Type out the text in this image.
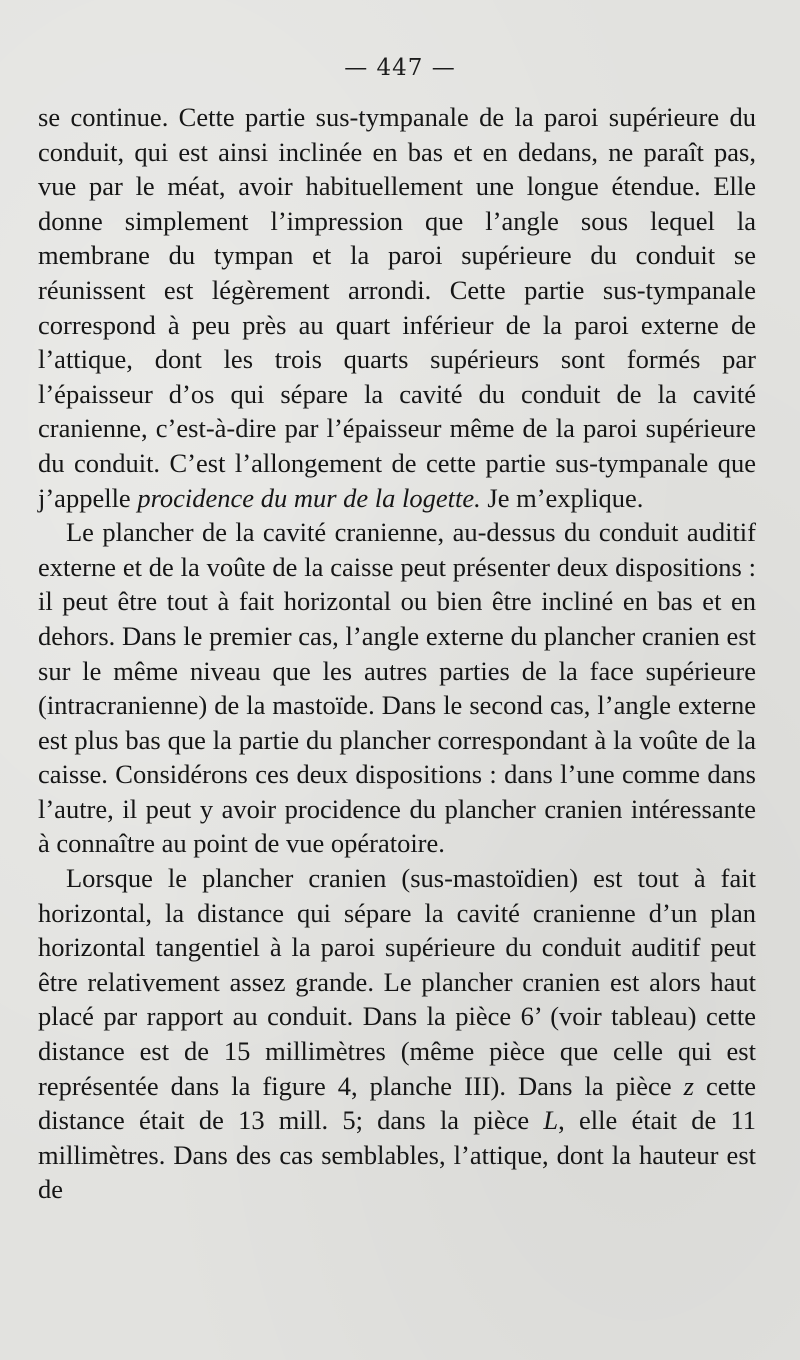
— 447 —

se continue. Cette partie sus-tympanale de la paroi supérieure du conduit, qui est ainsi inclinée en bas et en dedans, ne paraît pas, vue par le méat, avoir habituellement une longue étendue. Elle donne simplement l’impression que l’angle sous lequel la membrane du tympan et la paroi supérieure du conduit se réunissent est légèrement arrondi. Cette partie sus-tympanale correspond à peu près au quart inférieur de la paroi externe de l’attique, dont les trois quarts supérieurs sont formés par l’épaisseur d’os qui sépare la cavité du conduit de la cavité cranienne, c’est-à-dire par l’épaisseur même de la paroi supérieure du conduit. C’est l’allongement de cette partie sus-tympanale que j’appelle procidence du mur de la logette. Je m’explique.

Le plancher de la cavité cranienne, au-dessus du conduit auditif externe et de la voûte de la caisse peut présenter deux dispositions : il peut être tout à fait horizontal ou bien être incliné en bas et en dehors. Dans le premier cas, l’angle externe du plancher cranien est sur le même niveau que les autres parties de la face supérieure (intracranienne) de la mastoïde. Dans le second cas, l’angle externe est plus bas que la partie du plancher correspondant à la voûte de la caisse. Considérons ces deux dispositions : dans l’une comme dans l’autre, il peut y avoir procidence du plancher cranien intéressante à connaître au point de vue opératoire.

Lorsque le plancher cranien (sus-mastoïdien) est tout à fait horizontal, la distance qui sépare la cavité cranienne d’un plan horizontal tangentiel à la paroi supérieure du conduit auditif peut être relativement assez grande. Le plancher cranien est alors haut placé par rapport au conduit. Dans la pièce 6’ (voir tableau) cette distance est de 15 millimètres (même pièce que celle qui est représentée dans la figure 4, planche III). Dans la pièce z cette distance était de 13 mill. 5; dans la pièce L, elle était de 11 millimètres. Dans des cas semblables, l’attique, dont la hauteur est de
